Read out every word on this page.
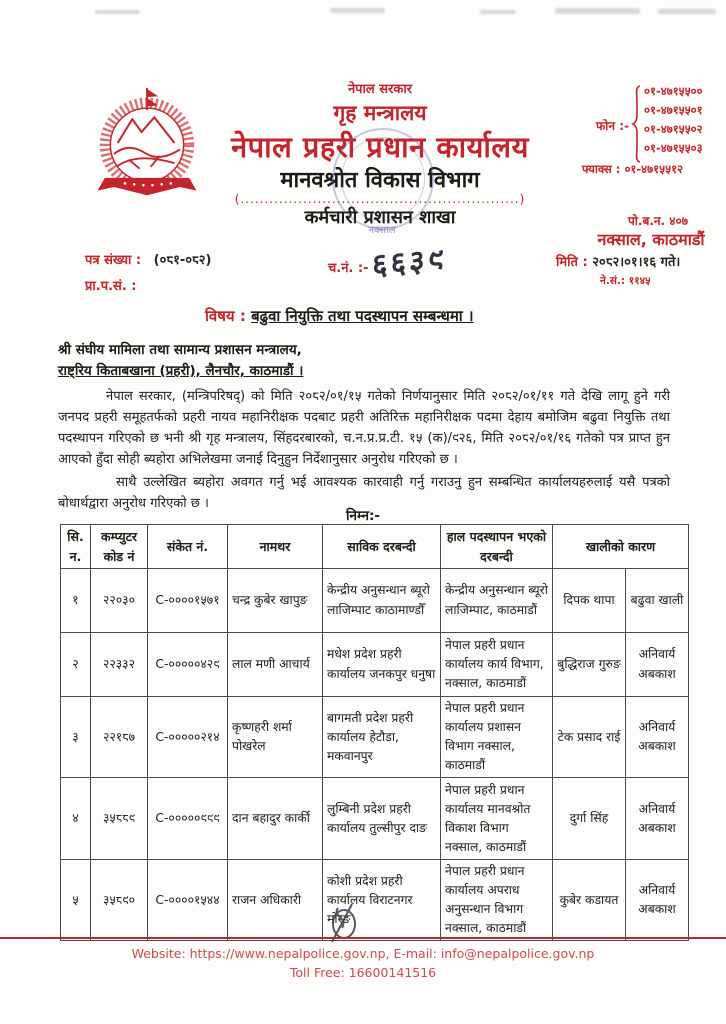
नेपाल सरकार
गृह मन्त्रालय
नेपाल प्रहरी प्रधान कार्यालय
मानवश्रोत विकास विभाग
(..........................................................)
कर्मचारी प्रशासन शाखा
नक्साल
फोन :-
०१-४७१५५००
०१-४७१५५०१
०१-४७१५५०२
०१-४७१५५०३
फ्याक्स : ०१-४७१५५१२
पो.ब.न. ४०७
नक्साल, काठमाडौं
पत्र संख्या : (०८१-०८२)
प्रा.प.सं. :
च.नं. :- ६६३९	मिति : २०८२।०१।१६ गते।
ने.सं.: ११४५
विषय : बढुवा नियुक्ति तथा पदस्थापन सम्बन्धमा ।
श्री संघीय मामिला तथा सामान्य प्रशासन मन्त्रालय,
राष्ट्रिय किताबखाना (प्रहरी), लैनचौर, काठमाडौं ।
नेपाल सरकार, (मन्त्रिपरिषद्) को मिति २०८२/०१/१५ गतेको निर्णयानुसार मिति २०८२/०१/११ गते देखि लागू हुने गरी जनपद प्रहरी समूहतर्फको प्रहरी नायव महानिरीक्षक पदबाट प्रहरी अतिरिक्त महानिरीक्षक पदमा देहाय बमोजिम बढुवा नियुक्ति तथा पदस्थापन गरिएको छ भनी श्री गृह मन्त्रालय, सिंहदरबारको, च.न.प्र.प्र.टी. १५ (क)/९२६, मिति २०८२/०१/१६ गतेको पत्र प्राप्त हुन आएको हुँदा सोही ब्यहोरा अभिलेखमा जनाई दिनुहुन निर्देशानुसार अनुरोध गरिएको छ ।
साथै उल्लेखित ब्यहोरा अवगत गर्नु भई आवश्यक कारवाही गर्नु गराउनु हुन सम्बन्धित कार्यालयहरुलाई यसै पत्रको बोधार्थद्वारा अनुरोध गरिएको छ ।
निम्न:-
सि. न.	कम्प्युटर कोड नं	संकेत नं.	नामथर	साविक दरबन्दी	हाल पदस्थापन भएको दरबन्दी	खालीको कारण	
१	२२०३०	C-००००१५७१	चन्द्र कुबेर खापुङ	केन्द्रीय अनुसन्धान ब्यूरो लाजिम्पाट काठामाण्डौँ	केन्द्रीय अनुसन्धान ब्यूरो लाजिम्पाट, काठमाडौं	दिपक थापा	बढुवा खाली
२	२२३३२	C-०००००४२९	लाल मणी आचार्य	मधेश प्रदेश प्रहरी कार्यालय जनकपुर धनुषा	नेपाल प्रहरी प्रधान कार्यालय कार्य विभाग, नक्साल, काठमाडौं	बुद्धिराज गुरुङ	अनिवार्य अबकाश
३	२२१८७	C-०००००२१४	कृष्णहरी शर्मा पोखरेल	बागमती प्रदेश प्रहरी कार्यालय हेटौडा, मकवानपुर	नेपाल प्रहरी प्रधान कार्यालय प्रशासन विभाग नक्साल, काठमाडौं	टेक प्रसाद राई	अनिवार्य अबकाश
४	३५८८९	C-०००००९९९	दान बहादुर कार्की	लुम्बिनी प्रदेश प्रहरी कार्यालय तुल्सीपुर दाङ	नेपाल प्रहरी प्रधान कार्यालय मानवश्रोत विकाश विभाग नक्साल, काठमाडौं	दुर्गा सिंह	अनिवार्य अबकाश
५	३५८९०	C-००००१५४४	राजन अधिकारी	कोशी प्रदेश प्रहरी कार्यालय विराटनगर मोरङ	नेपाल प्रहरी प्रधान कार्यालय अपराध अनुसन्धान विभाग नक्साल, काठमाडौं	कुबेर कडायत	अनिवार्य अबकाश
Website: https://www.nepalpolice.gov.np, E-mail: info@nepalpolice.gov.np
Toll Free: 16600141516
